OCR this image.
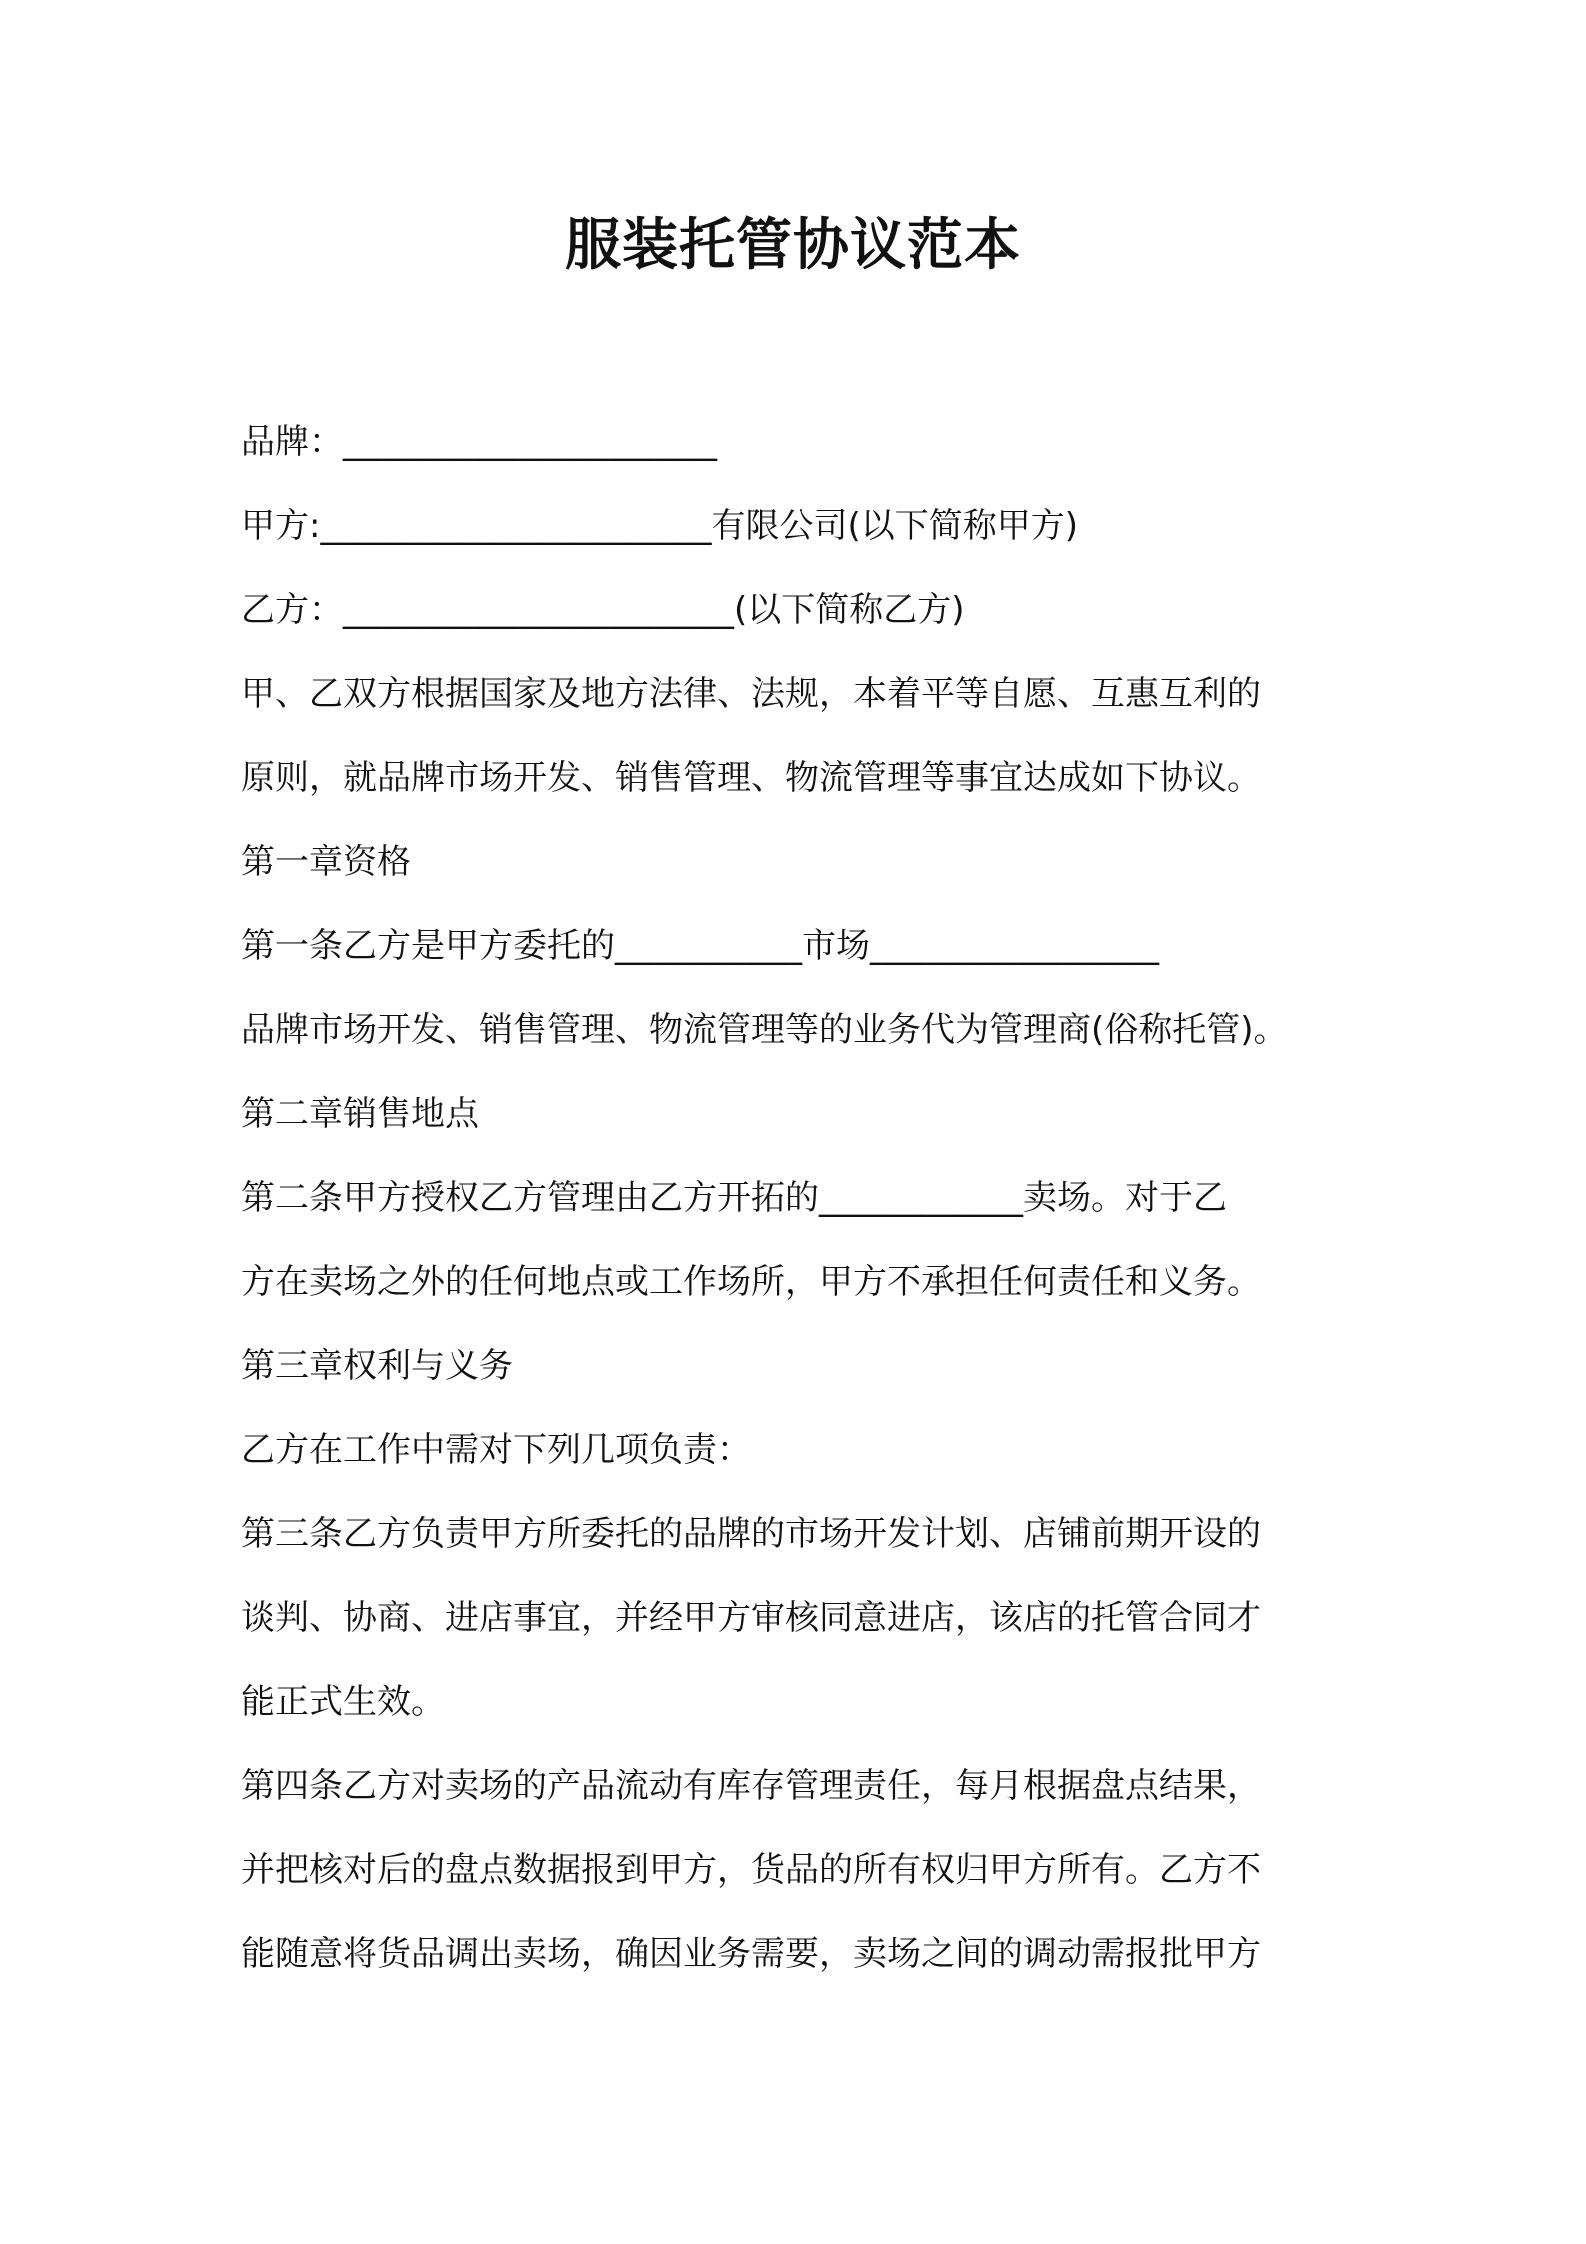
服装托管协议范本

品牌：______________________

甲方:_______________________有限公司(以下简称甲方)

乙方：_______________________(以下简称乙方)

甲、乙双方根据国家及地方法律、法规，本着平等自愿、互惠互利的

原则，就品牌市场开发、销售管理、物流管理等事宜达成如下协议。

第一章资格

第一条乙方是甲方委托的___________市场_________________

品牌市场开发、销售管理、物流管理等的业务代为管理商(俗称托管)。

第二章销售地点

第二条甲方授权乙方管理由乙方开拓的____________卖场。对于乙

方在卖场之外的任何地点或工作场所，甲方不承担任何责任和义务。

第三章权利与义务

乙方在工作中需对下列几项负责：

第三条乙方负责甲方所委托的品牌的市场开发计划、店铺前期开设的

谈判、协商、进店事宜，并经甲方审核同意进店，该店的托管合同才

能正式生效。

第四条乙方对卖场的产品流动有库存管理责任，每月根据盘点结果，

并把核对后的盘点数据报到甲方，货品的所有权归甲方所有。乙方不

能随意将货品调出卖场，确因业务需要，卖场之间的调动需报批甲方
